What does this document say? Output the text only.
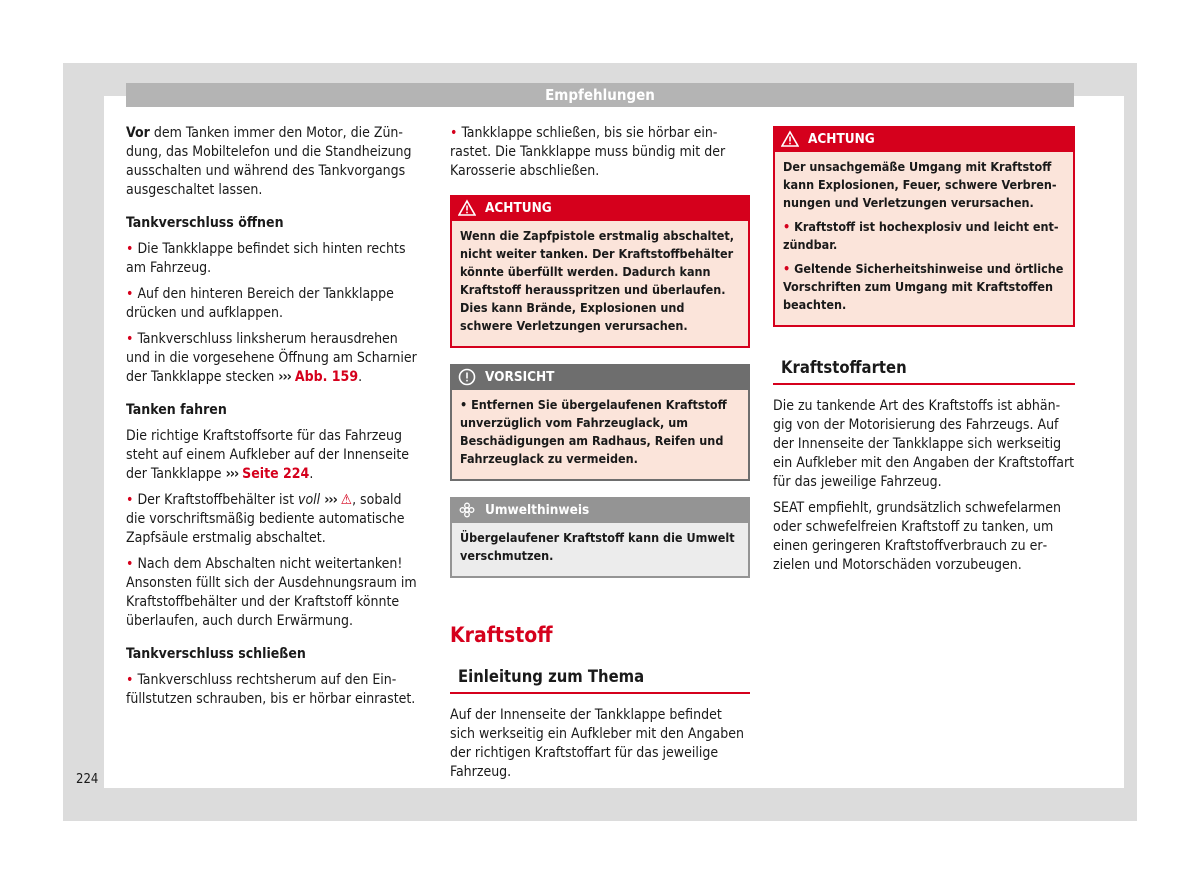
Empfehlungen

Vor dem Tanken immer den Motor, die Zündung, das Mobiltelefon und die Standheizung ausschalten und während des Tankvorgangs ausgeschaltet lassen.

Tankverschluss öffnen

• Die Tankklappe befindet sich hinten rechts am Fahrzeug.

• Auf den hinteren Bereich der Tankklappe drücken und aufklappen.

• Tankverschluss linksherum herausdrehen und in die vorgesehene Öffnung am Scharnier der Tankklappe stecken ››› Abb. 159.

Tanken fahren

Die richtige Kraftstoffsorte für das Fahrzeug steht auf einem Aufkleber auf der Innenseite der Tankklappe ››› Seite 224.

• Der Kraftstoffbehälter ist voll ››› ⚠, sobald die vorschriftsmäßig bediente automatische Zapfsäule erstmalig abschaltet.

• Nach dem Abschalten nicht weitertanken! Ansonsten füllt sich der Ausdehnungsraum im Kraftstoffbehälter und der Kraftstoff könnte überlaufen, auch durch Erwärmung.

Tankverschluss schließen

• Tankverschluss rechtsherum auf den Einfüllstutzen schrauben, bis er hörbar einrastet.

• Tankklappe schließen, bis sie hörbar einrastet. Die Tankklappe muss bündig mit der Karosserie abschließen.

ACHTUNG

Wenn die Zapfpistole erstmalig abschaltet, nicht weiter tanken. Der Kraftstoffbehälter könnte überfüllt werden. Dadurch kann Kraftstoff herausspritzen und überlaufen. Dies kann Brände, Explosionen und schwere Verletzungen verursachen.

VORSICHT

• Entfernen Sie übergelaufenen Kraftstoff unverzüglich vom Fahrzeuglack, um Beschädigungen am Radhaus, Reifen und Fahrzeuglack zu vermeiden.

Umwelthinweis

Übergelaufener Kraftstoff kann die Umwelt verschmutzen.

Kraftstoff
Einleitung zum Thema

Auf der Innenseite der Tankklappe befindet sich werkseitig ein Aufkleber mit den Angaben der richtigen Kraftstoffart für das jeweilige Fahrzeug.

ACHTUNG

Der unsachgemäße Umgang mit Kraftstoff kann Explosionen, Feuer, schwere Verbrennungen und Verletzungen verursachen.

• Kraftstoff ist hochexplosiv und leicht entzündbar.

• Geltende Sicherheitshinweise und örtliche Vorschriften zum Umgang mit Kraftstoffen beachten.

Kraftstoffarten

Die zu tankende Art des Kraftstoffs ist abhängig von der Motorisierung des Fahrzeugs. Auf der Innenseite der Tankklappe sich werkseitig ein Aufkleber mit den Angaben der Kraftstoffart für das jeweilige Fahrzeug.

SEAT empfiehlt, grundsätzlich schwefelarmen oder schwefelfreien Kraftstoff zu tanken, um einen geringeren Kraftstoffverbrauch zu erzielen und Motorschäden vorzubeugen.

224
